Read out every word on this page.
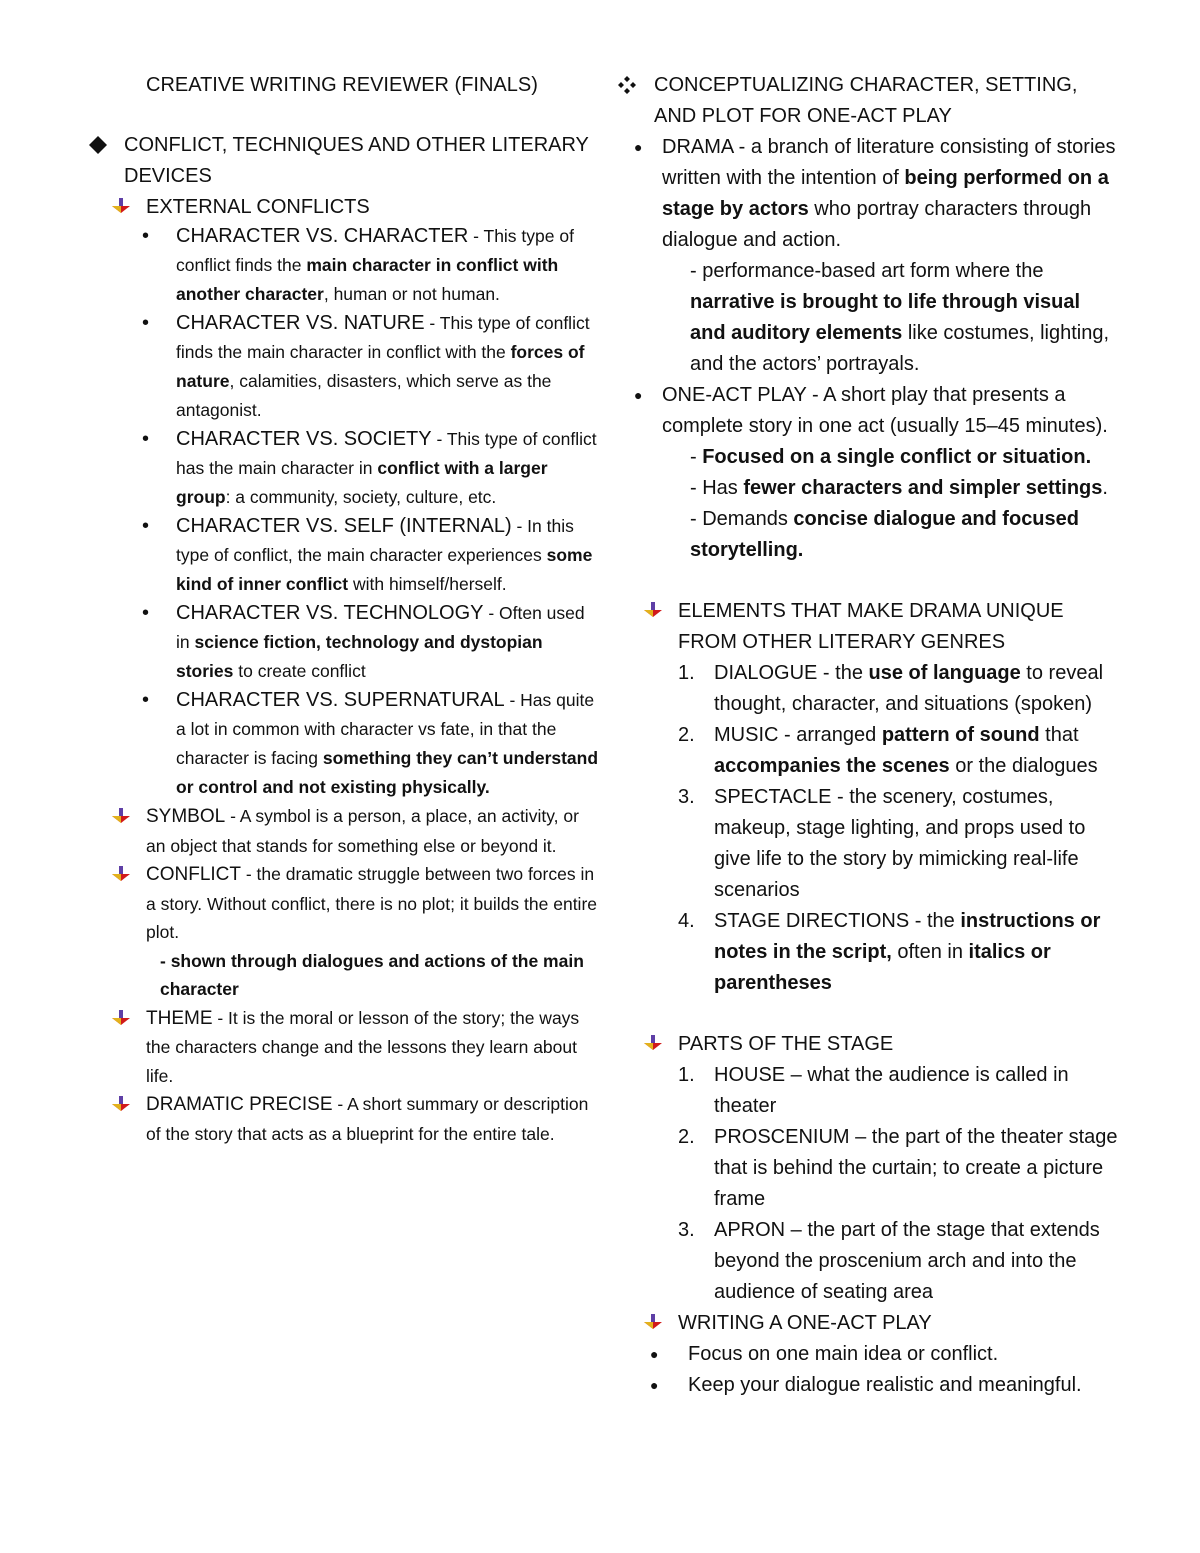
CREATIVE WRITING REVIEWER (FINALS)
CONFLICT, TECHNIQUES AND OTHER LITERARY DEVICES
EXTERNAL CONFLICTS
• CHARACTER VS. CHARACTER - This type of conflict finds the main character in conflict with another character, human or not human.
• CHARACTER VS. NATURE - This type of conflict finds the main character in conflict with the forces of nature, calamities, disasters, which serve as the antagonist.
• CHARACTER VS. SOCIETY - This type of conflict has the main character in conflict with a larger group: a community, society, culture, etc.
• CHARACTER VS. SELF (INTERNAL) - In this type of conflict, the main character experiences some kind of inner conflict with himself/herself.
• CHARACTER VS. TECHNOLOGY - Often used in science fiction, technology and dystopian stories to create conflict
• CHARACTER VS. SUPERNATURAL - Has quite a lot in common with character vs fate, in that the character is facing something they can’t understand or control and not existing physically.
SYMBOL - A symbol is a person, a place, an activity, or an object that stands for something else or beyond it.
CONFLICT - the dramatic struggle between two forces in a story. Without conflict, there is no plot; it builds the entire plot.
- shown through dialogues and actions of the main character
THEME - It is the moral or lesson of the story; the ways the characters change and the lessons they learn about life.
DRAMATIC PRECISE - A short summary or description of the story that acts as a blueprint for the entire tale.
CONCEPTUALIZING CHARACTER, SETTING, AND PLOT FOR ONE-ACT PLAY
● DRAMA - a branch of literature consisting of stories written with the intention of being performed on a stage by actors who portray characters through dialogue and action.
- performance-based art form where the narrative is brought to life through visual and auditory elements like costumes, lighting, and the actors’ portrayals.
● ONE-ACT PLAY - A short play that presents a complete story in one act (usually 15–45 minutes).
- Focused on a single conflict or situation.
- Has fewer characters and simpler settings.
- Demands concise dialogue and focused storytelling.
ELEMENTS THAT MAKE DRAMA UNIQUE FROM OTHER LITERARY GENRES
1. DIALOGUE - the use of language to reveal thought, character, and situations (spoken)
2. MUSIC - arranged pattern of sound that accompanies the scenes or the dialogues
3. SPECTACLE - the scenery, costumes, makeup, stage lighting, and props used to give life to the story by mimicking real-life scenarios
4. STAGE DIRECTIONS - the instructions or notes in the script, often in italics or parentheses
PARTS OF THE STAGE
1. HOUSE – what the audience is called in theater
2. PROSCENIUM – the part of the theater stage that is behind the curtain; to create a picture frame
3. APRON – the part of the stage that extends beyond the proscenium arch and into the audience of seating area
WRITING A ONE-ACT PLAY
● Focus on one main idea or conflict.
● Keep your dialogue realistic and meaningful.
